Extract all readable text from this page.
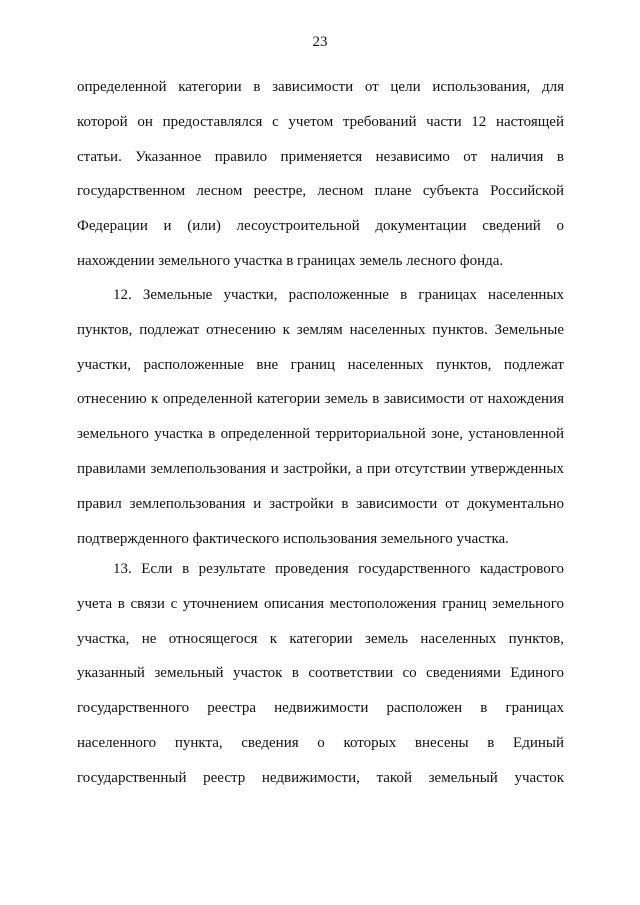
23
определенной категории в зависимости от цели использования, для
которой он предоставлялся с учетом требований части 12 настоящей
статьи. Указанное правило применяется независимо от наличия в
государственном лесном реестре, лесном плане субъекта Российской
Федерации и (или) лесоустроительной документации сведений о
нахождении земельного участка в границах земель лесного фонда.
12. Земельные участки, расположенные в границах населенных
пунктов, подлежат отнесению к землям населенных пунктов. Земельные
участки, расположенные вне границ населенных пунктов, подлежат
отнесению к определенной категории земель в зависимости от нахождения
земельного участка в определенной территориальной зоне, установленной
правилами землепользования и застройки, а при отсутствии утвержденных
правил землепользования и застройки в зависимости от документально
подтвержденного фактического использования земельного участка.
13. Если в результате проведения государственного кадастрового
учета в связи с уточнением описания местоположения границ земельного
участка, не относящегося к категории земель населенных пунктов,
указанный земельный участок в соответствии со сведениями Единого
государственного реестра недвижимости расположен в границах
населенного пункта, сведения о которых внесены в Единый
государственный реестр недвижимости, такой земельный участок
